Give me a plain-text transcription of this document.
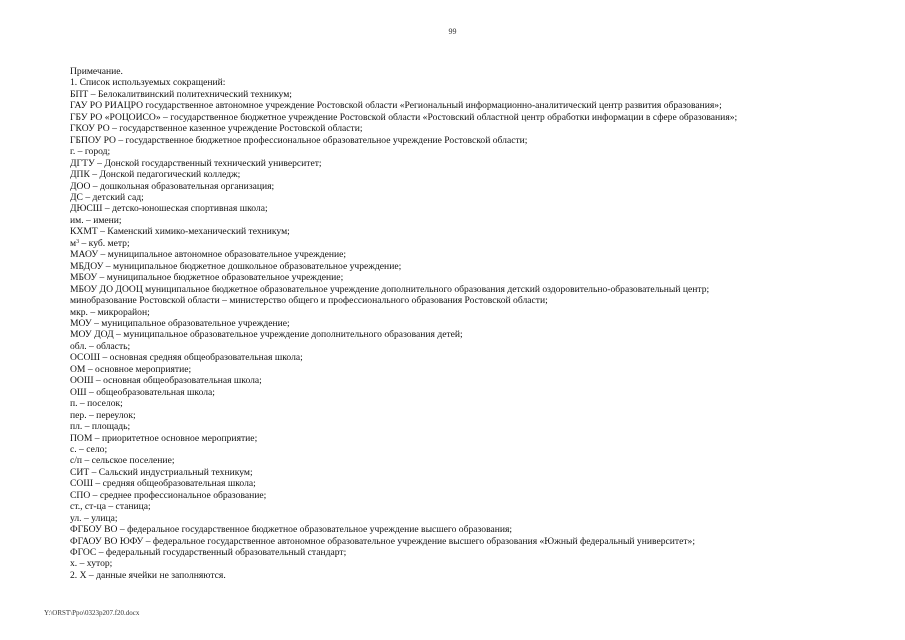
99
Примечание.
1. Список используемых сокращений:
БПТ – Белокалитвинский политехнический техникум;
ГАУ РО РИАЦРО государственное автономное учреждение Ростовской области «Региональный информационно-аналитический центр развития образования»;
ГБУ РО «РОЦОИСО» – государственное бюджетное учреждение Ростовской области «Ростовский областной центр обработки информации в сфере образования»;
ГКОУ РО – государственное казенное учреждение Ростовской области;
ГБПОУ РО – государственное бюджетное профессиональное образовательное учреждение Ростовской области;
г. – город;
ДГТУ – Донской государственный технический университет;
ДПК – Донской педагогический колледж;
ДОО – дошкольная образовательная организация;
ДС – детский сад;
ДЮСШ – детско-юношеская спортивная школа;
им. – имени;
КХМТ – Каменский химико-механический техникум;
$м^3$ – куб. метр;
МАОУ – муниципальное автономное образовательное учреждение;
МБДОУ – муниципальное бюджетное дошкольное образовательное учреждение;
МБОУ – муниципальное бюджетное образовательное учреждение;
МБОУ ДО ДООЦ муниципальное бюджетное образовательное учреждение дополнительного образования детский оздоровительно-образовательный центр;
минобразование Ростовской области – министерство общего и профессионального образования Ростовской области;
мкр. – микрорайон;
МОУ – муниципальное образовательное учреждение;
МОУ ДОД – муниципальное образовательное учреждение дополнительного образования детей;
обл. – область;
ОСОШ – основная средняя общеобразовательная школа;
ОМ – основное мероприятие;
ООШ – основная общеобразовательная школа;
ОШ – общеобразовательная школа;
п. – поселок;
пер. – переулок;
пл. – площадь;
ПОМ – приоритетное основное мероприятие;
с. – село;
с/п – сельское поселение;
СИТ – Сальский индустриальный техникум;
СОШ – средняя общеобразовательная школа;
СПО – среднее профессиональное образование;
ст., ст-ца – станица;
ул. – улица;
ФГБОУ ВО – федеральное государственное бюджетное образовательное учреждение высшего образования;
ФГАОУ ВО ЮФУ – федеральное государственное автономное образовательное учреждение высшего образования «Южный федеральный университет»;
ФГОС – федеральный государственный образовательный стандарт;
х. – хутор;
2. Х – данные ячейки не заполняются.
Y:\ORST\Ppo\0323p207.f20.docx
